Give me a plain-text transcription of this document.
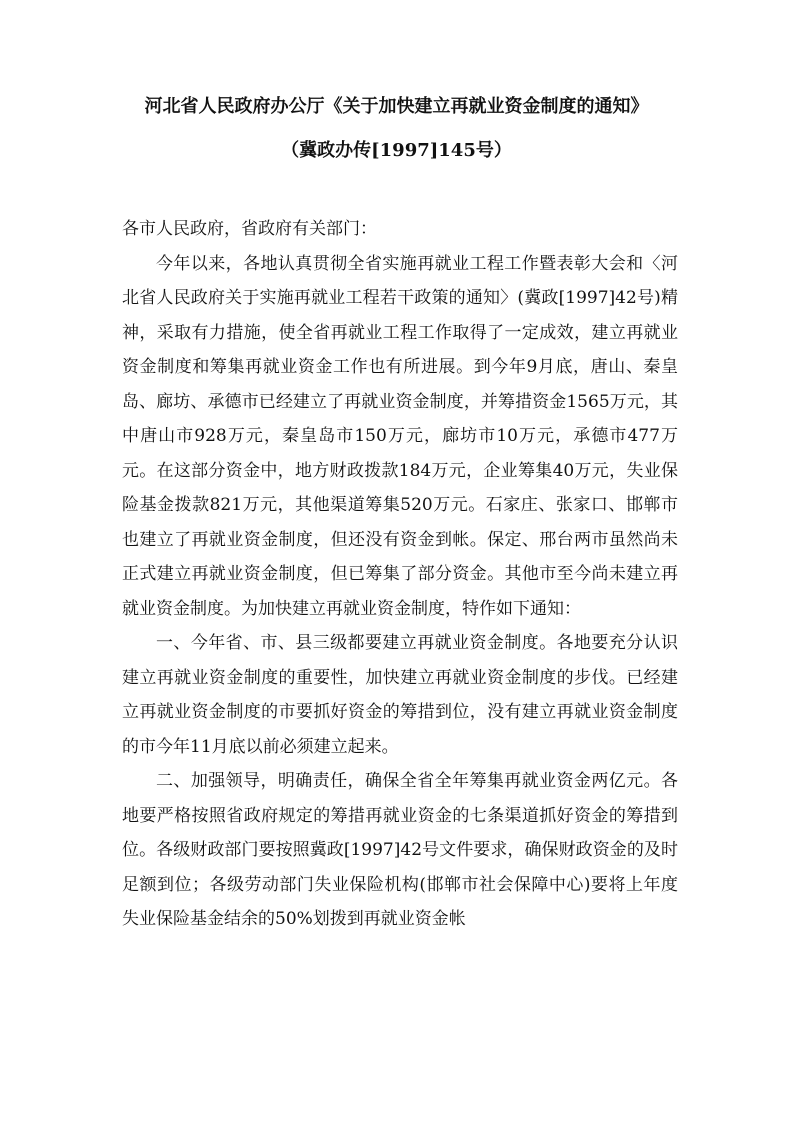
河北省人民政府办公厅《关于加快建立再就业资金制度的通知》
（冀政办传[1997]145号）

各市人民政府，省政府有关部门：

今年以来，各地认真贯彻全省实施再就业工程工作暨表彰大会和〈河北省人民政府关于实施再就业工程若干政策的通知〉(冀政[1997]42号)精神，采取有力措施，使全省再就业工程工作取得了一定成效，建立再就业资金制度和筹集再就业资金工作也有所进展。到今年9月底，唐山、秦皇岛、廊坊、承德市已经建立了再就业资金制度，并筹措资金1565万元，其中唐山市928万元，秦皇岛市150万元，廊坊市10万元，承德市477万元。在这部分资金中，地方财政拨款184万元，企业筹集40万元，失业保险基金拨款821万元，其他渠道筹集520万元。石家庄、张家口、邯郸市也建立了再就业资金制度，但还没有资金到帐。保定、邢台两市虽然尚未正式建立再就业资金制度，但已筹集了部分资金。其他市至今尚未建立再就业资金制度。为加快建立再就业资金制度，特作如下通知：

一、今年省、市、县三级都要建立再就业资金制度。各地要充分认识建立再就业资金制度的重要性，加快建立再就业资金制度的步伐。已经建立再就业资金制度的市要抓好资金的筹措到位，没有建立再就业资金制度的市今年11月底以前必须建立起来。

二、加强领导，明确责任，确保全省全年筹集再就业资金两亿元。各地要严格按照省政府规定的筹措再就业资金的七条渠道抓好资金的筹措到位。各级财政部门要按照冀政[1997]42号文件要求，确保财政资金的及时足额到位；各级劳动部门失业保险机构(邯郸市社会保障中心)要将上年度失业保险基金结余的50%划拨到再就业资金帐
